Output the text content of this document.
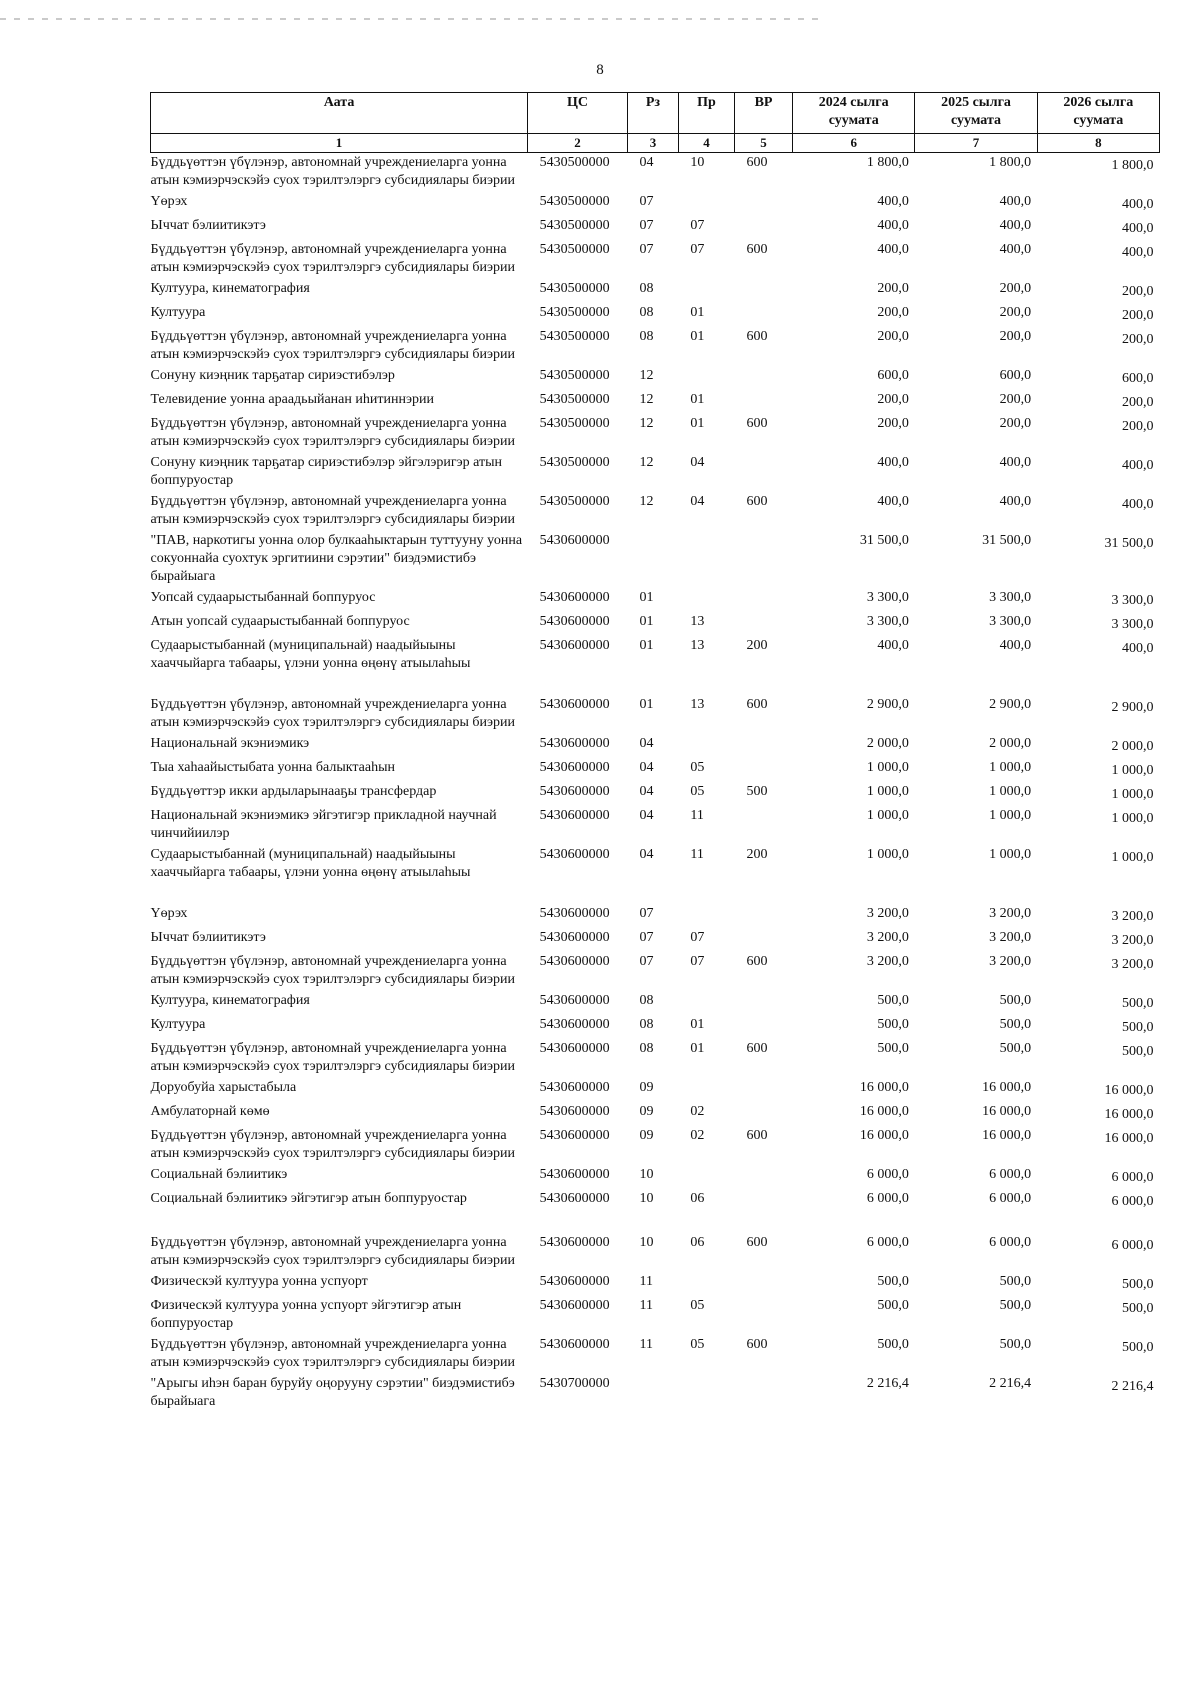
8
Аата	ЦС	Рз	Пр	ВР	2024 сылга суумата	2025 сылга суумата	2026 сылга суумата
1	2	3	4	5	6	7	8
Бүддьүөттэн үбүлэнэр, автономнай учреждениеларга уонна атын кэмиэрчэскэйэ суох тэрилтэлэргэ субсидиялары биэрии	5430500000	04	10	600	1 800,0	1 800,0	1 800,0
Үөрэх	5430500000	07			400,0	400,0	400,0
Ыччат бэлиитикэтэ	5430500000	07	07		400,0	400,0	400,0
Бүддьүөттэн үбүлэнэр, автономнай учреждениеларга уонна атын кэмиэрчэскэйэ суох тэрилтэлэргэ субсидиялары биэрии	5430500000	07	07	600	400,0	400,0	400,0
Култуура, кинематография	5430500000	08			200,0	200,0	200,0
Култуура	5430500000	08	01		200,0	200,0	200,0
Бүддьүөттэн үбүлэнэр, автономнай учреждениеларга уонна атын кэмиэрчэскэйэ суох тэрилтэлэргэ субсидиялары биэрии	5430500000	08	01	600	200,0	200,0	200,0
Сонуну киэңник тарҕатар сириэстибэлэр	5430500000	12			600,0	600,0	600,0
Телевидение уонна араадьыйанан иһитиннэрии	5430500000	12	01		200,0	200,0	200,0
Бүддьүөттэн үбүлэнэр, автономнай учреждениеларга уонна атын кэмиэрчэскэйэ суох тэрилтэлэргэ субсидиялары биэрии	5430500000	12	01	600	200,0	200,0	200,0
Сонуну киэңник тарҕатар сириэстибэлэр эйгэлэригэр атын боппуруостар	5430500000	12	04		400,0	400,0	400,0
Бүддьүөттэн үбүлэнэр, автономнай учреждениеларга уонна атын кэмиэрчэскэйэ суох тэрилтэлэргэ субсидиялары биэрии	5430500000	12	04	600	400,0	400,0	400,0
"ПАВ, наркотигы уонна олор булкааһыктарын туттууну уонна сокуоннайа суохтук эргитиини сэрэтии" биэдэмистибэ бырайыага	5430600000				31 500,0	31 500,0	31 500,0
Уопсай судаарыстыбаннай боппуруос	5430600000	01			3 300,0	3 300,0	3 300,0
Атын уопсай судаарыстыбаннай боппуруос	5430600000	01	13		3 300,0	3 300,0	3 300,0
Судаарыстыбаннай (муниципальнай) наадыйыыны хааччыйарга табаары, үлэни уонна өңөнү атыылаһыы	5430600000	01	13	200	400,0	400,0	400,0
Бүддьүөттэн үбүлэнэр, автономнай учреждениеларга уонна атын кэмиэрчэскэйэ суох тэрилтэлэргэ субсидиялары биэрии	5430600000	01	13	600	2 900,0	2 900,0	2 900,0
Национальнай экэниэмикэ	5430600000	04			2 000,0	2 000,0	2 000,0
Тыа хаһаайыстыбата уонна балыктааһын	5430600000	04	05		1 000,0	1 000,0	1 000,0
Бүддьүөттэр икки ардыларынааҕы трансфердар	5430600000	04	05	500	1 000,0	1 000,0	1 000,0
Национальнай экэниэмикэ эйгэтигэр прикладной научнай чинчийиилэр	5430600000	04	11		1 000,0	1 000,0	1 000,0
Судаарыстыбаннай (муниципальнай) наадыйыыны хааччыйарга табаары, үлэни уонна өңөнү атыылаһыы	5430600000	04	11	200	1 000,0	1 000,0	1 000,0
Үөрэх	5430600000	07			3 200,0	3 200,0	3 200,0
Ыччат бэлиитикэтэ	5430600000	07	07		3 200,0	3 200,0	3 200,0
Бүддьүөттэн үбүлэнэр, автономнай учреждениеларга уонна атын кэмиэрчэскэйэ суох тэрилтэлэргэ субсидиялары биэрии	5430600000	07	07	600	3 200,0	3 200,0	3 200,0
Култуура, кинематография	5430600000	08			500,0	500,0	500,0
Култуура	5430600000	08	01		500,0	500,0	500,0
Бүддьүөттэн үбүлэнэр, автономнай учреждениеларга уонна атын кэмиэрчэскэйэ суох тэрилтэлэргэ субсидиялары биэрии	5430600000	08	01	600	500,0	500,0	500,0
Доруобуйа харыстабыла	5430600000	09			16 000,0	16 000,0	16 000,0
Амбулаторнай көмө	5430600000	09	02		16 000,0	16 000,0	16 000,0
Бүддьүөттэн үбүлэнэр, автономнай учреждениеларга уонна атын кэмиэрчэскэйэ суох тэрилтэлэргэ субсидиялары биэрии	5430600000	09	02	600	16 000,0	16 000,0	16 000,0
Социальнай бэлиитикэ	5430600000	10			6 000,0	6 000,0	6 000,0
Социальнай бэлиитикэ эйгэтигэр атын боппуруостар	5430600000	10	06		6 000,0	6 000,0	6 000,0
Бүддьүөттэн үбүлэнэр, автономнай учреждениеларга уонна атын кэмиэрчэскэйэ суох тэрилтэлэргэ субсидиялары биэрии	5430600000	10	06	600	6 000,0	6 000,0	6 000,0
Физическэй култуура уонна успуорт	5430600000	11			500,0	500,0	500,0
Физическэй култуура уонна успуорт эйгэтигэр атын боппуруостар	5430600000	11	05		500,0	500,0	500,0
Бүддьүөттэн үбүлэнэр, автономнай учреждениеларга уонна атын кэмиэрчэскэйэ суох тэрилтэлэргэ субсидиялары биэрии	5430600000	11	05	600	500,0	500,0	500,0
"Арыгы иһэн баран буруйу оңорууну сэрэтии" биэдэмистибэ бырайыага	5430700000				2 216,4	2 216,4	2 216,4
